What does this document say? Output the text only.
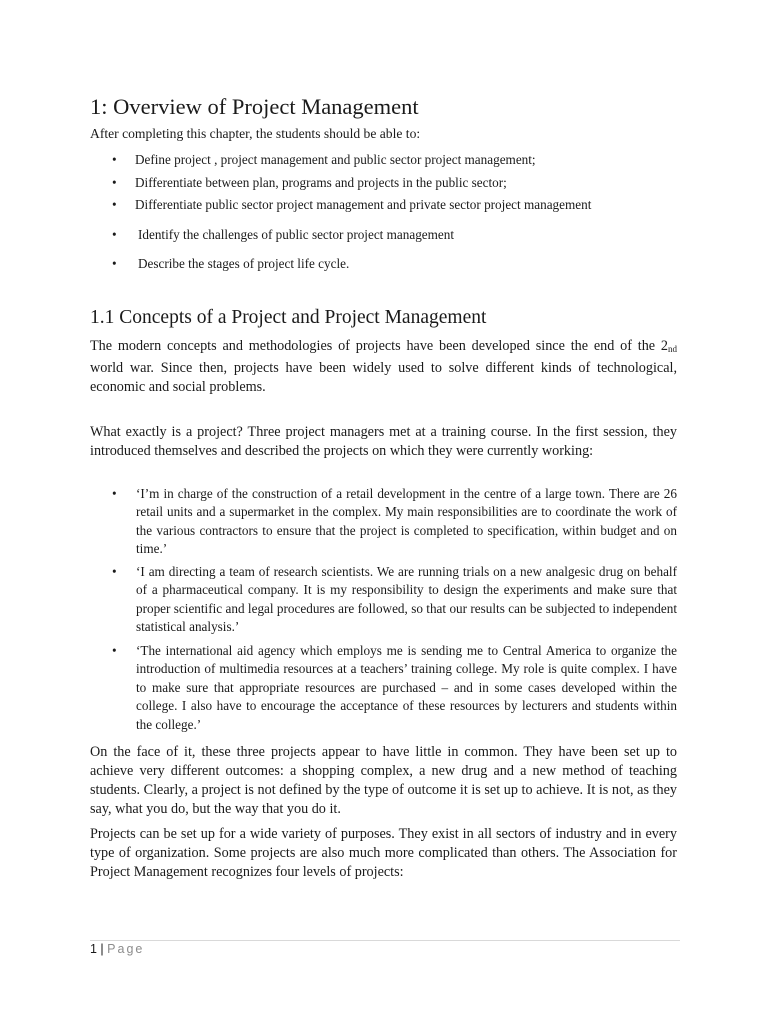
1: Overview of Project Management
After completing this chapter, the students should be able to:
• Define project , project management and public sector project management;
• Differentiate between plan, programs and projects in the public sector;
• Differentiate public sector project management and private sector project management
• Identify the challenges of public sector project management
• Describe the stages of project life cycle.
1.1 Concepts of a Project and Project Management

The modern concepts and methodologies of projects have been developed since the end of the $2_{nd}$ world war. Since then, projects have been widely used to solve different kinds of technological, economic and social problems.

What exactly is a project? Three project managers met at a training course. In the first session, they introduced themselves and described the projects on which they were currently working:

• ‘I’m in charge of the construction of a retail development in the centre of a large town. There are 26 retail units and a supermarket in the complex. My main responsibilities are to coordinate the work of the various contractors to ensure that the project is completed to specification, within budget and on time.’
• ‘I am directing a team of research scientists. We are running trials on a new analgesic drug on behalf of a pharmaceutical company. It is my responsibility to design the experiments and make sure that proper scientific and legal procedures are followed, so that our results can be subjected to independent statistical analysis.’
• ‘The international aid agency which employs me is sending me to Central America to organize the introduction of multimedia resources at a teachers’ training college. My role is quite complex. I have to make sure that appropriate resources are purchased – and in some cases developed within the college. I also have to encourage the acceptance of these resources by lecturers and students within the college.’

On the face of it, these three projects appear to have little in common. They have been set up to achieve very different outcomes: a shopping complex, a new drug and a new method of teaching students. Clearly, a project is not defined by the type of outcome it is set up to achieve. It is not, as they say, what you do, but the way that you do it.

Projects can be set up for a wide variety of purposes. They exist in all sectors of industry and in every type of organization. Some projects are also much more complicated than others. The Association for Project Management recognizes four levels of projects:

1 | Page
